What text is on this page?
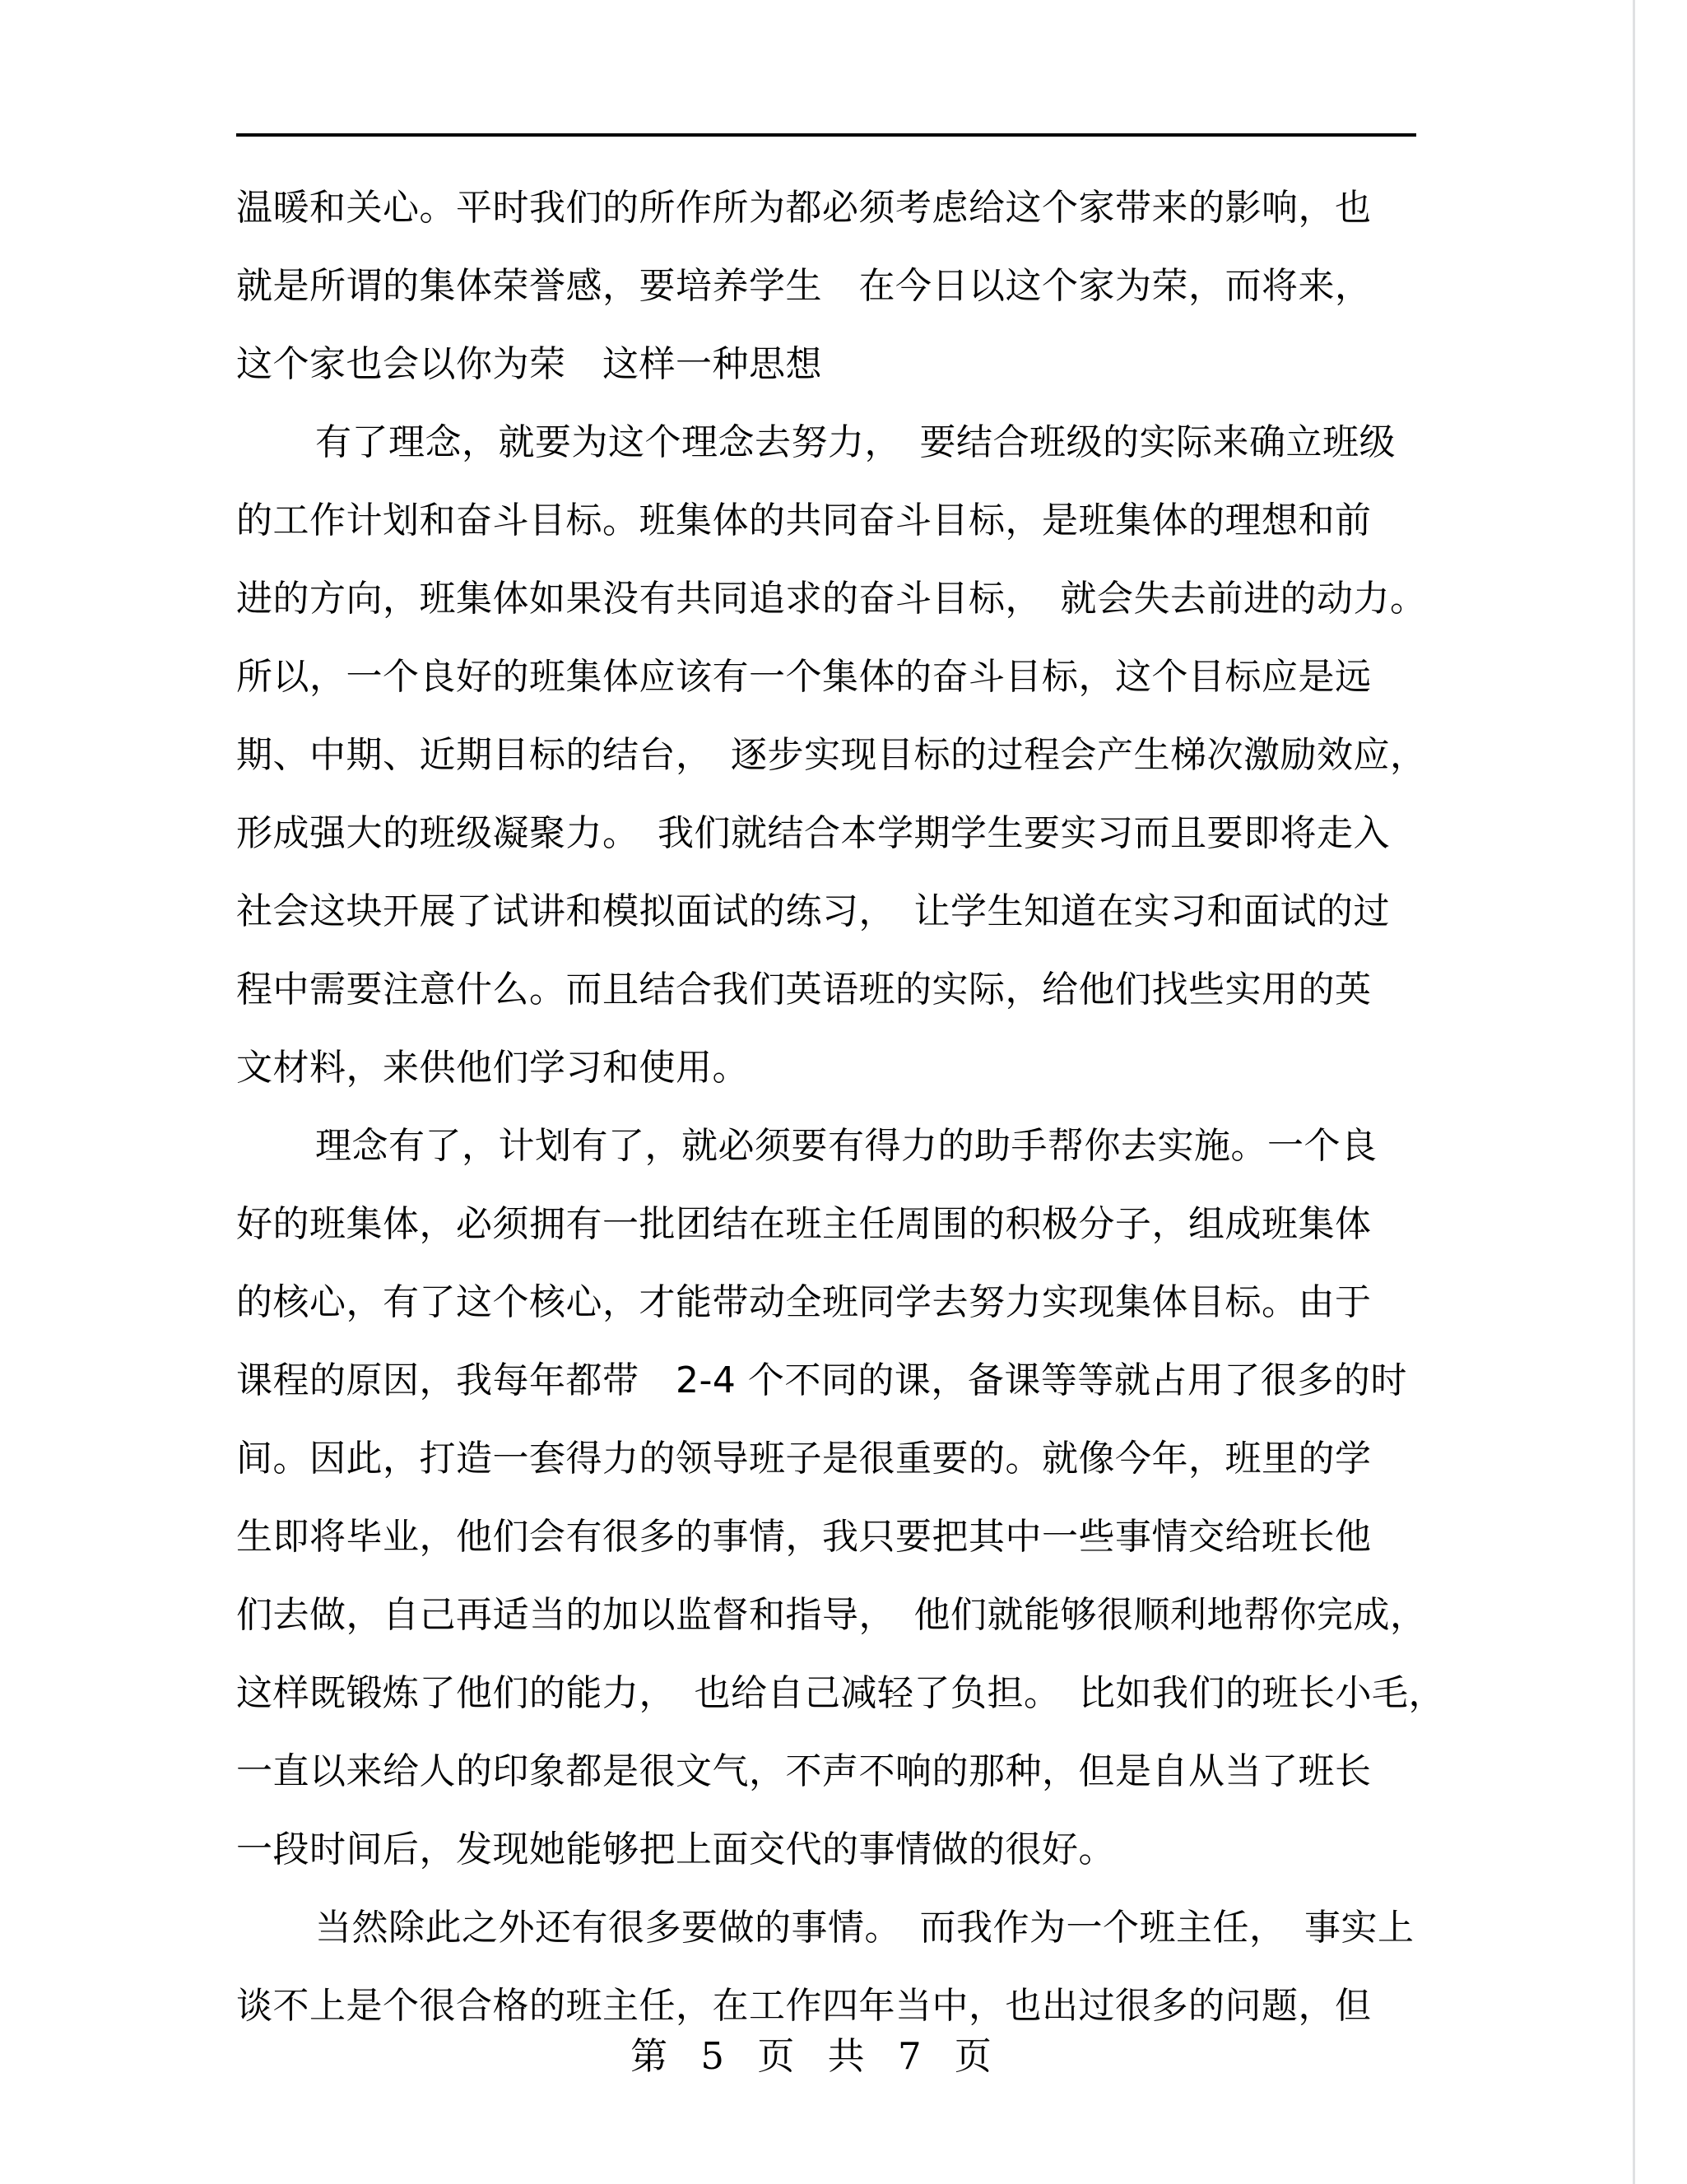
温暖和关心。平时我们的所作所为都必须考虑给这个家带来的影响，也
就是所谓的集体荣誉感，要培养学生　在今日以这个家为荣，而将来，
这个家也会以你为荣　这样一种思想
有了理念，就要为这个理念去努力，　要结合班级的实际来确立班级
的工作计划和奋斗目标。班集体的共同奋斗目标，是班集体的理想和前
进的方向，班集体如果没有共同追求的奋斗目标，　就会失去前进的动力。
所以，一个良好的班集体应该有一个集体的奋斗目标，这个目标应是远
期、中期、近期目标的结台，　逐步实现目标的过程会产生梯次激励效应，
形成强大的班级凝聚力。　我们就结合本学期学生要实习而且要即将走入
社会这块开展了试讲和模拟面试的练习，　让学生知道在实习和面试的过
程中需要注意什么。而且结合我们英语班的实际，给他们找些实用的英
文材料，来供他们学习和使用。
理念有了，计划有了，就必须要有得力的助手帮你去实施。一个良
好的班集体，必须拥有一批团结在班主任周围的积极分子，组成班集体
的核心，有了这个核心，才能带动全班同学去努力实现集体目标。由于
课程的原因，我每年都带　2-4 个不同的课，备课等等就占用了很多的时
间。因此，打造一套得力的领导班子是很重要的。就像今年，班里的学
生即将毕业，他们会有很多的事情，我只要把其中一些事情交给班长他
们去做，自己再适当的加以监督和指导，　他们就能够很顺利地帮你完成，
这样既锻炼了他们的能力，　也给自己减轻了负担。　比如我们的班长小毛，
一直以来给人的印象都是很文气，不声不响的那种，但是自从当了班长
一段时间后，发现她能够把上面交代的事情做的很好。
当然除此之外还有很多要做的事情。　而我作为一个班主任，　事实上
谈不上是个很合格的班主任，在工作四年当中，也出过很多的问题，但
第 5 页 共 7 页
